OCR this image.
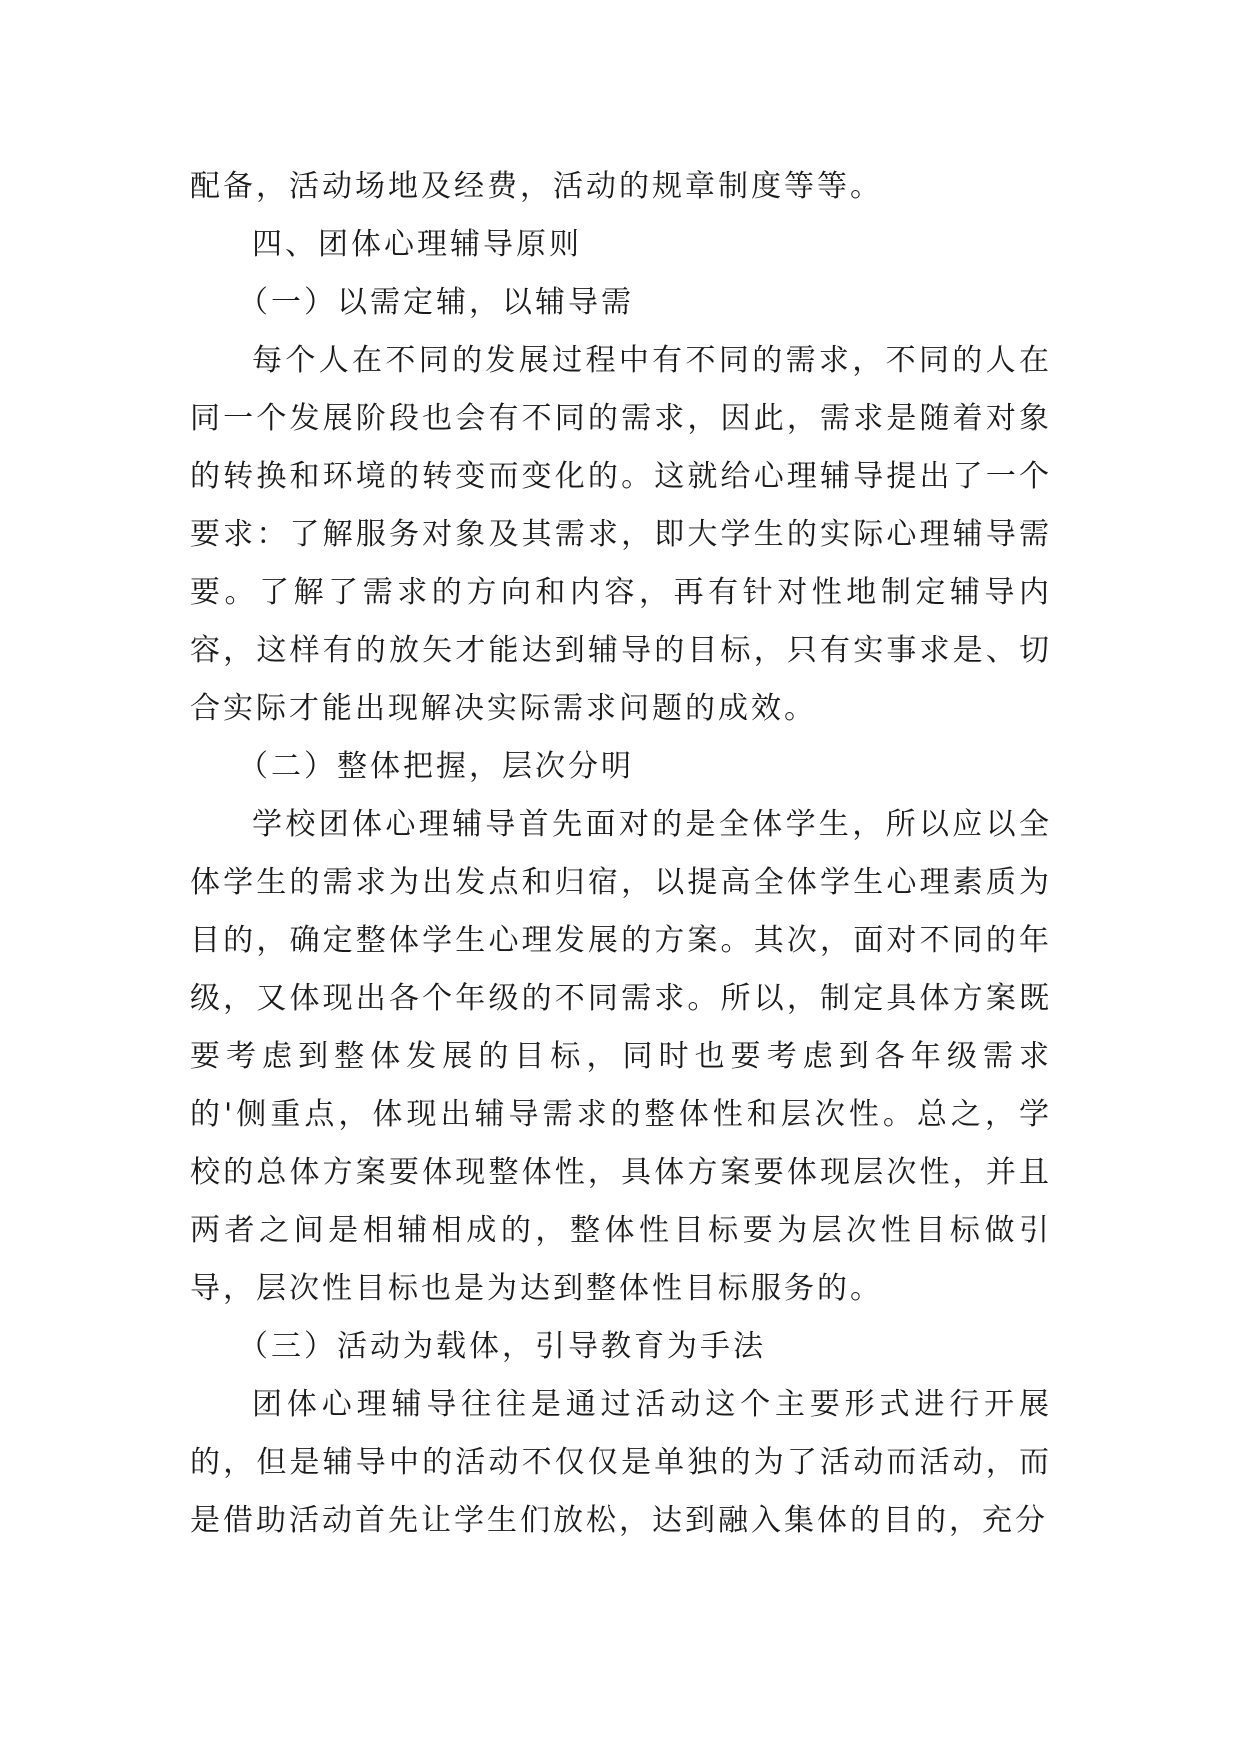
配备，活动场地及经费，活动的规章制度等等。

四、团体心理辅导原则

（一）以需定辅，以辅导需

每个人在不同的发展过程中有不同的需求，不同的人在同一个发展阶段也会有不同的需求，因此，需求是随着对象的转换和环境的转变而变化的。这就给心理辅导提出了一个要求：了解服务对象及其需求，即大学生的实际心理辅导需要。了解了需求的方向和内容，再有针对性地制定辅导内容，这样有的放矢才能达到辅导的目标，只有实事求是、切合实际才能出现解决实际需求问题的成效。

（二）整体把握，层次分明

学校团体心理辅导首先面对的是全体学生，所以应以全体学生的需求为出发点和归宿，以提高全体学生心理素质为目的，确定整体学生心理发展的方案。其次，面对不同的年级，又体现出各个年级的不同需求。所以，制定具体方案既要考虑到整体发展的目标，同时也要考虑到各年级需求的'侧重点，体现出辅导需求的整体性和层次性。总之，学校的总体方案要体现整体性，具体方案要体现层次性，并且两者之间是相辅相成的，整体性目标要为层次性目标做引导，层次性目标也是为达到整体性目标服务的。

（三）活动为载体，引导教育为手法

团体心理辅导往往是通过活动这个主要形式进行开展的，但是辅导中的活动不仅仅是单独的为了活动而活动，而是借助活动首先让学生们放松，达到融入集体的目的，充分
